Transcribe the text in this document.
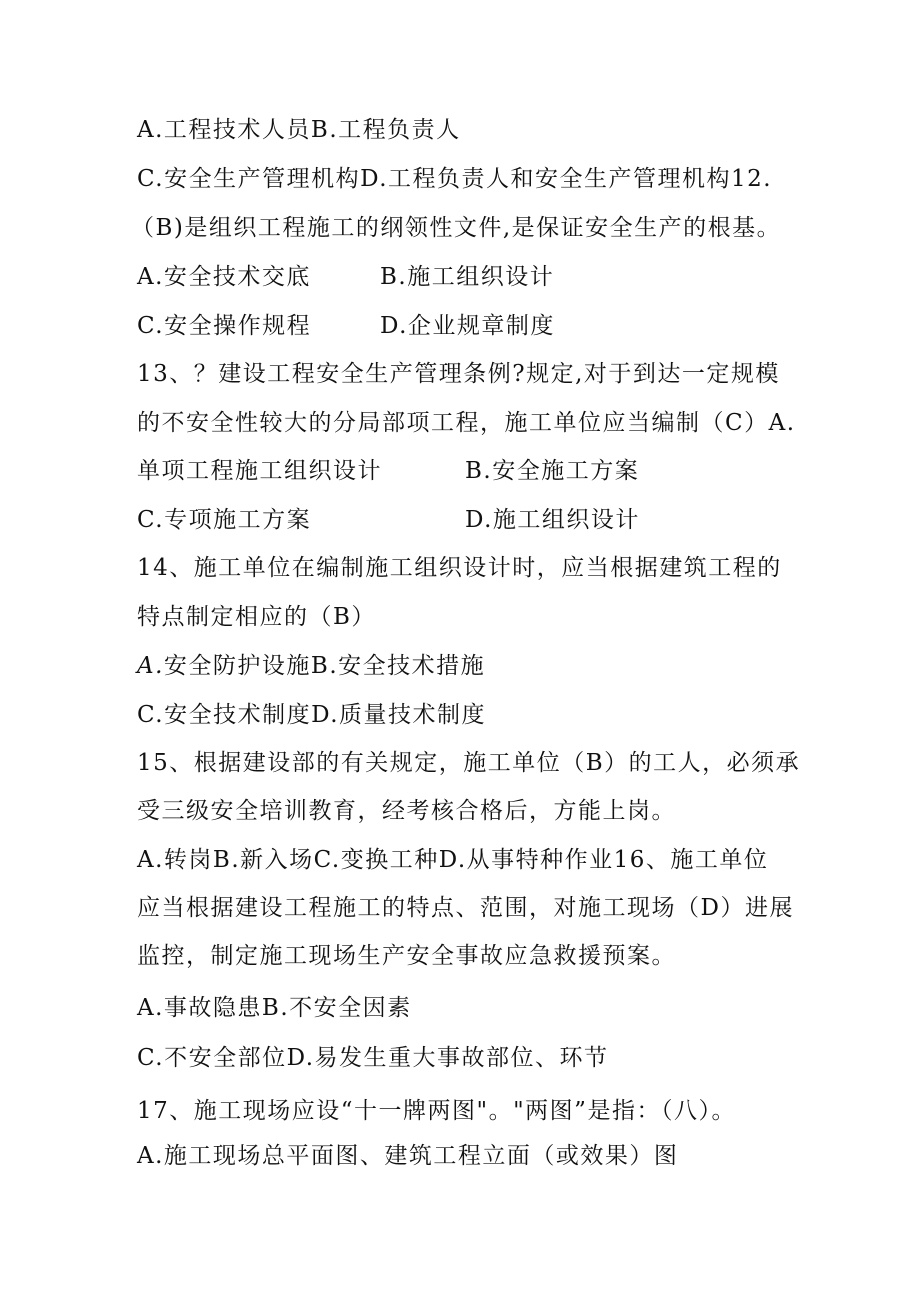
A.工程技术人员B.工程负责人
C.安全生产管理机构D.工程负责人和安全生产管理机构12.
（B)是组织工程施工的纲领性文件,是保证安全生产的根基。
A.安全技术交底	B.施工组织设计
C.安全操作规程	D.企业规章制度
13、？建设工程安全生产管理条例?规定,对于到达一定规模
的不安全性较大的分局部项工程，施工单位应当编制（C）A.
单项工程施工组织设计	B.安全施工方案
C.专项施工方案	D.施工组织设计
14、施工单位在编制施工组织设计时，应当根据建筑工程的
特点制定相应的（B）
A.安全防护设施B.安全技术措施
C.安全技术制度D.质量技术制度
15、根据建设部的有关规定，施工单位（B）的工人，必须承
受三级安全培训教育，经考核合格后，方能上岗。
A.转岗B.新入场C.变换工种D.从事特种作业16、施工单位
应当根据建设工程施工的特点、范围，对施工现场（D）进展
监控，制定施工现场生产安全事故应急救援预案。
A.事故隐患B.不安全因素
C.不安全部位D.易发生重大事故部位、环节
17、施工现场应设“十一牌两图"。"两图”是指：（八）。
A.施工现场总平面图、建筑工程立面（或效果）图
